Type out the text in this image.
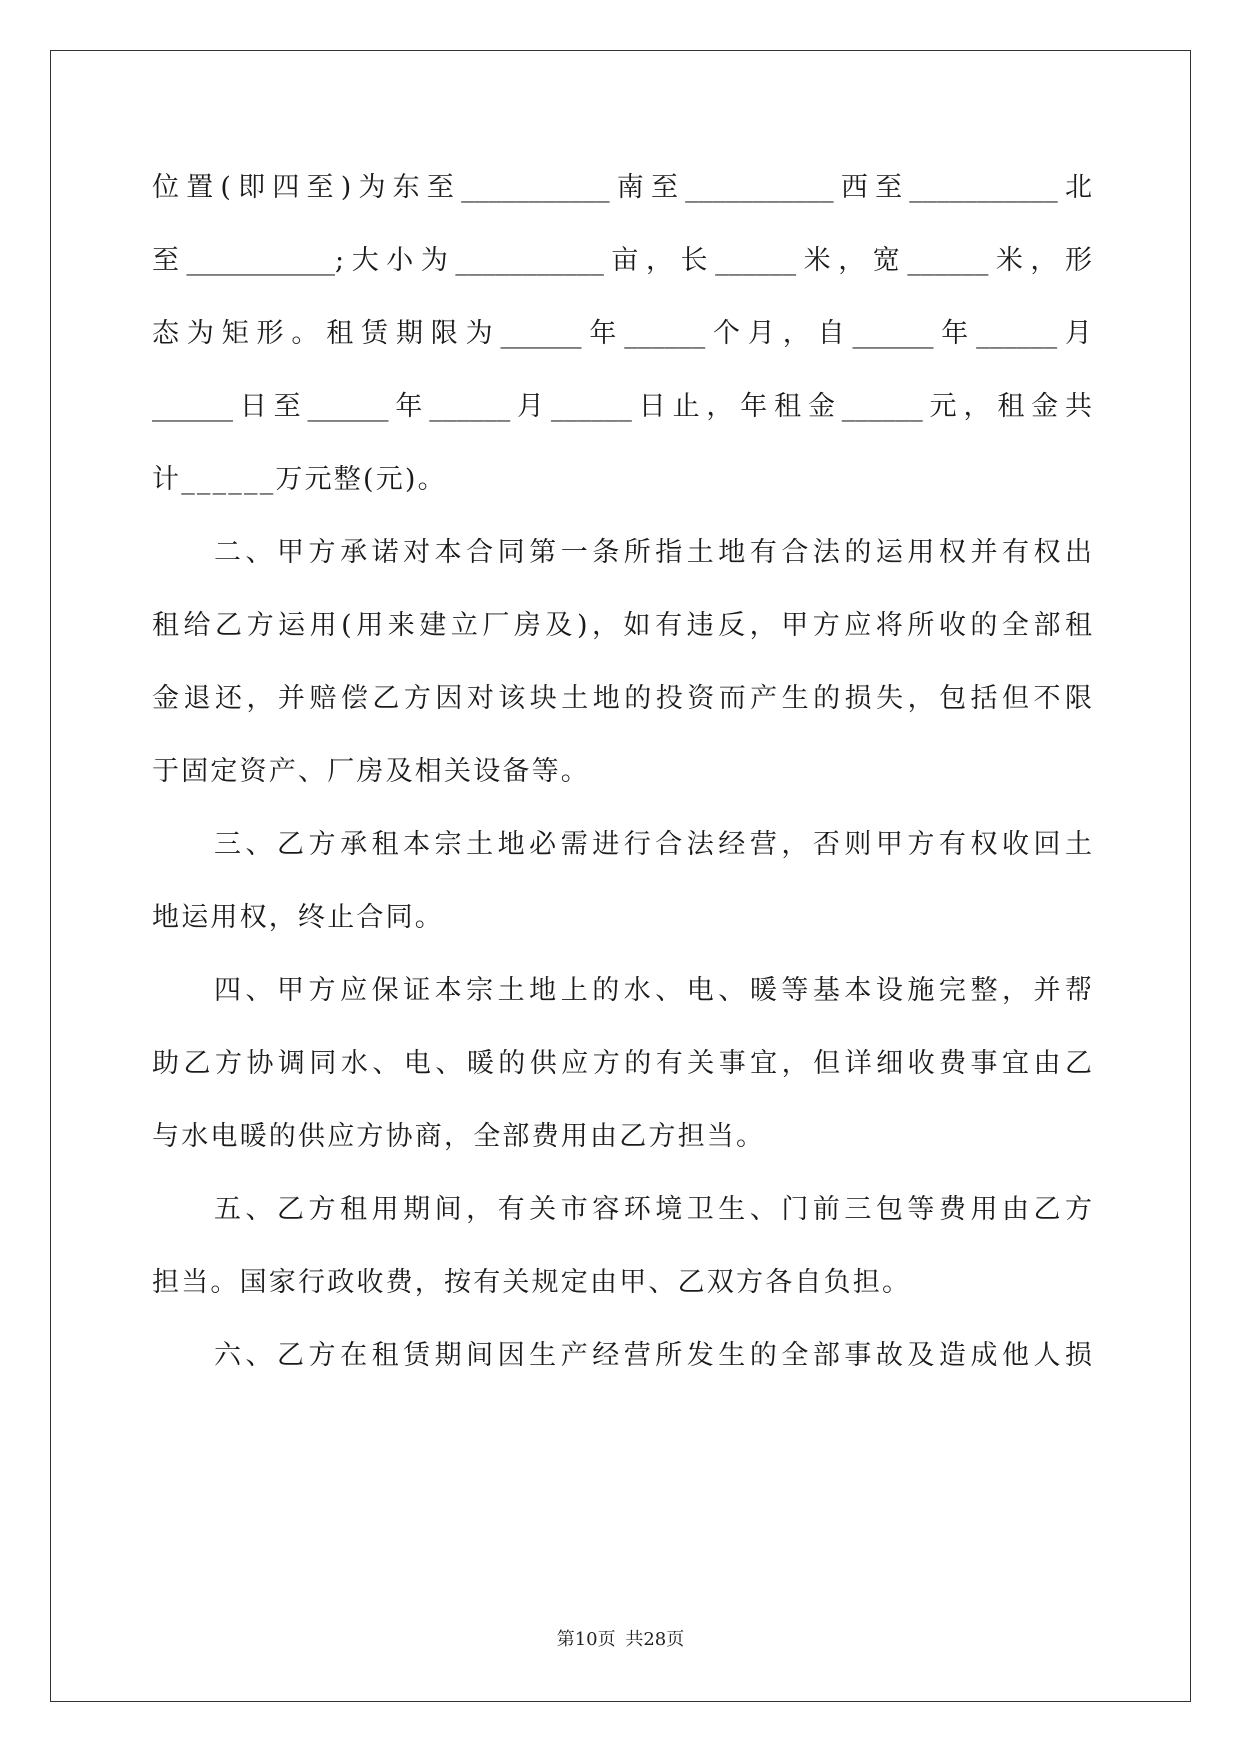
位置(即四至)为东至___________南至___________西至___________北
至___________;大小为___________亩，长______米，宽______米，形
态为矩形。租赁期限为______年______个月，自______年______月
______日至______年______月______日止，年租金______元，租金共
计______万元整(元)。
二、甲方承诺对本合同第一条所指土地有合法的运用权并有权出
租给乙方运用(用来建立厂房及)，如有违反，甲方应将所收的全部租
金退还，并赔偿乙方因对该块土地的投资而产生的损失，包括但不限
于固定资产、厂房及相关设备等。
三、乙方承租本宗土地必需进行合法经营，否则甲方有权收回土
地运用权，终止合同。
四、甲方应保证本宗土地上的水、电、暖等基本设施完整，并帮
助乙方协调同水、电、暖的供应方的有关事宜，但详细收费事宜由乙
与水电暖的供应方协商，全部费用由乙方担当。
五、乙方租用期间，有关市容环境卫生、门前三包等费用由乙方
担当。国家行政收费，按有关规定由甲、乙双方各自负担。
六、乙方在租赁期间因生产经营所发生的全部事故及造成他人损
第10页 共28页
